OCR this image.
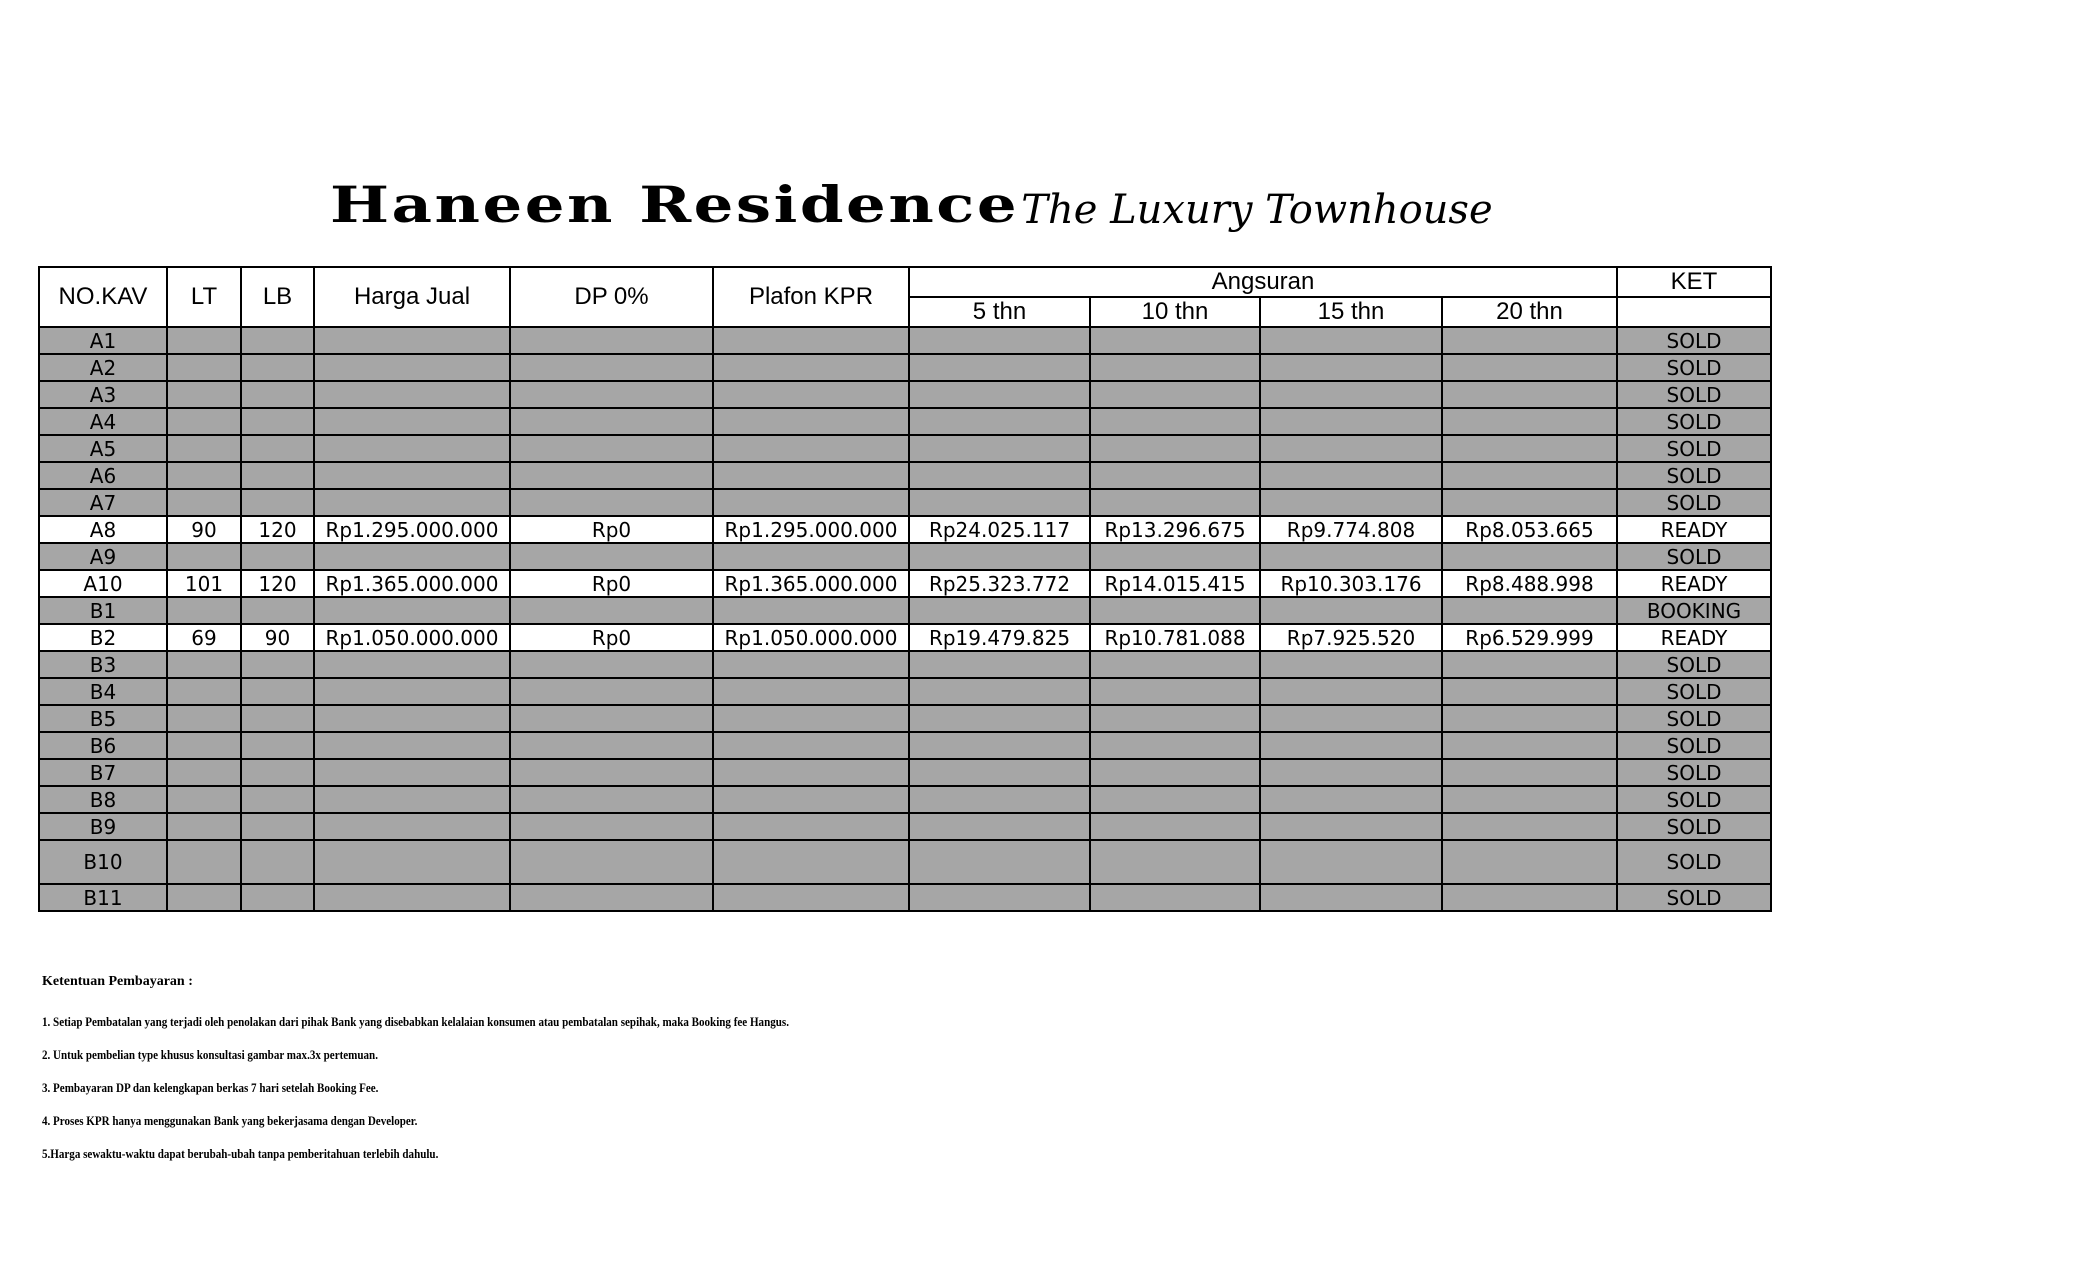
Haneen Residence The Luxury Townhouse
NO.KAV	LT	LB	Harga Jual	DP 0%	Plafon KPR	Angsuran				KET
						5 thn	10 thn	15 thn	20 thn	
A1										SOLD
A2										SOLD
A3										SOLD
A4										SOLD
A5										SOLD
A6										SOLD
A7										SOLD
A8	90	120	Rp1.295.000.000	Rp0	Rp1.295.000.000	Rp24.025.117	Rp13.296.675	Rp9.774.808	Rp8.053.665	READY
A9										SOLD
A10	101	120	Rp1.365.000.000	Rp0	Rp1.365.000.000	Rp25.323.772	Rp14.015.415	Rp10.303.176	Rp8.488.998	READY
B1										BOOKING
B2	69	90	Rp1.050.000.000	Rp0	Rp1.050.000.000	Rp19.479.825	Rp10.781.088	Rp7.925.520	Rp6.529.999	READY
B3										SOLD
B4										SOLD
B5										SOLD
B6										SOLD
B7										SOLD
B8										SOLD
B9										SOLD
B10										SOLD
B11										SOLD
Ketentuan Pembayaran :
1. Setiap Pembatalan yang terjadi oleh penolakan dari pihak Bank yang disebabkan kelalaian konsumen atau pembatalan sepihak, maka Booking fee Hangus.
2. Untuk pembelian type khusus konsultasi gambar max.3x pertemuan.
3. Pembayaran DP dan kelengkapan berkas 7 hari setelah Booking Fee.
4. Proses KPR hanya menggunakan Bank yang bekerjasama dengan Developer.
5.Harga sewaktu-waktu dapat berubah-ubah tanpa pemberitahuan terlebih dahulu.
